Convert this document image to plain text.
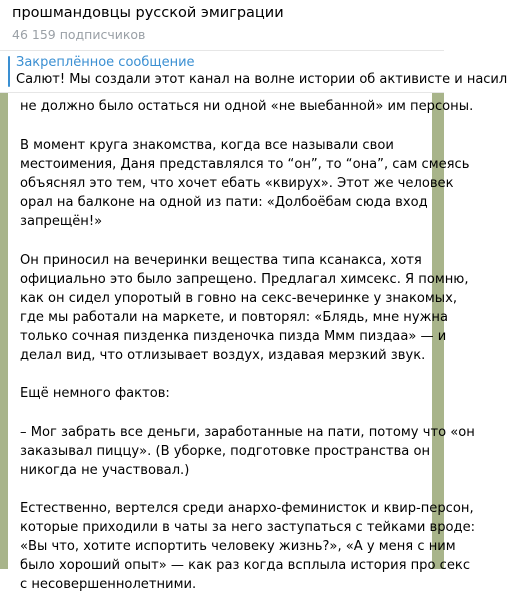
прошмандовцы русской эмиграции
46 159 подписчиков
Закреплённое сообщение
Салют! Мы создали этот канал на волне истории об активисте и насил
не должно было остаться ни одной «не выебанной» им персоны.
В момент круга знакомства, когда все называли свои
местоимения, Даня представлялся то “он”, то “она”, сам смеясь
объяснял это тем, что хочет ебать «квирух». Этот же человек
орал на балконе на одной из пати: «Долбоёбам сюда вход
запрещён!»
Он приносил на вечеринки вещества типа ксанакса, хотя
официально это было запрещено. Предлагал химсекс. Я помню,
как он сидел упоротый в говно на секс-вечеринке у знакомых,
где мы работали на маркете, и повторял: «Блядь, мне нужна
только сочная пизденка пизденочка пизда Ммм пиздаа» — и
делал вид, что отлизывает воздух, издавая мерзкий звук.
Ещё немного фактов:
– Мог забрать все деньги, заработанные на пати, потому что «он
заказывал пиццу». (В уборке, подготовке пространства он
никогда не участвовал.)
Естественно, вертелся среди анархо-феминисток и квир-персон,
которые приходили в чаты за него заступаться с тейками вроде:
«Вы что, хотите испортить человеку жизнь?», «А у меня с ним
было хороший опыт» — как раз когда всплыла история про секс
с несовершеннолетними.
